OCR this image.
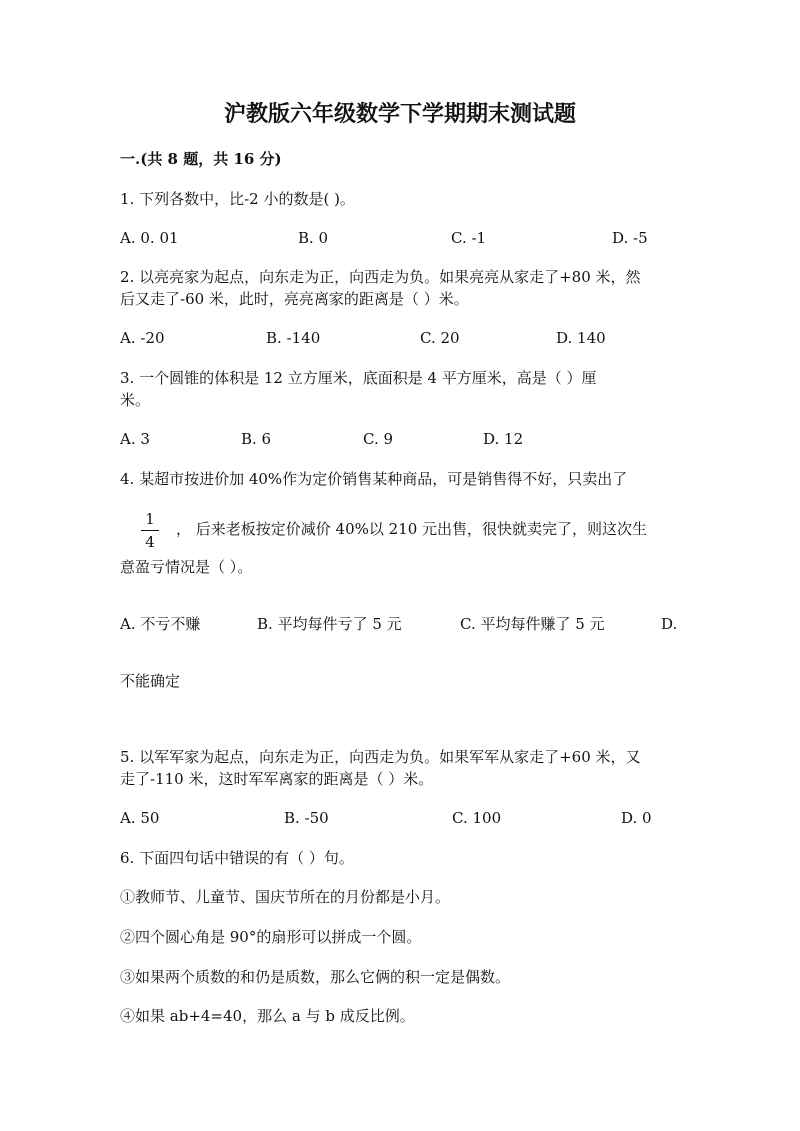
沪教版六年级数学下学期期末测试题
一.(共 8 题，共 16 分)
1. 下列各数中，比-2 小的数是( )。
A. 0. 01	B. 0	C. -1	D. -5
2. 以亮亮家为起点，向东走为正，向西走为负。如果亮亮从家走了+80 米，然
后又走了-60 米，此时，亮亮离家的距离是（ ）米。
A. -20	B. -140	C. 20	D. 140
3. 一个圆锥的体积是 12 立方厘米，底面积是 4 平方厘米，高是（ ）厘
米。
A. 3	B. 6	C. 9	D. 12
4. 某超市按进价加 40%作为定价销售某种商品，可是销售得不好，只卖出了
1
4
， 后来老板按定价减价 40%以 210 元出售，很快就卖完了，则这次生
意盈亏情况是（ ）。
A. 不亏不赚	B. 平均每件亏了 5 元	C. 平均每件赚了 5 元	D.
不能确定
5. 以军军家为起点，向东走为正，向西走为负。如果军军从家走了+60 米，又
走了-110 米，这时军军离家的距离是（ ）米。
A. 50	B. -50	C. 100	D. 0
6. 下面四句话中错误的有（ ）句。
①教师节、儿童节、国庆节所在的月份都是小月。
②四个圆心角是 90°的扇形可以拼成一个圆。
③如果两个质数的和仍是质数，那么它俩的积一定是偶数。
④如果 ab+4=40，那么 a 与 b 成反比例。
